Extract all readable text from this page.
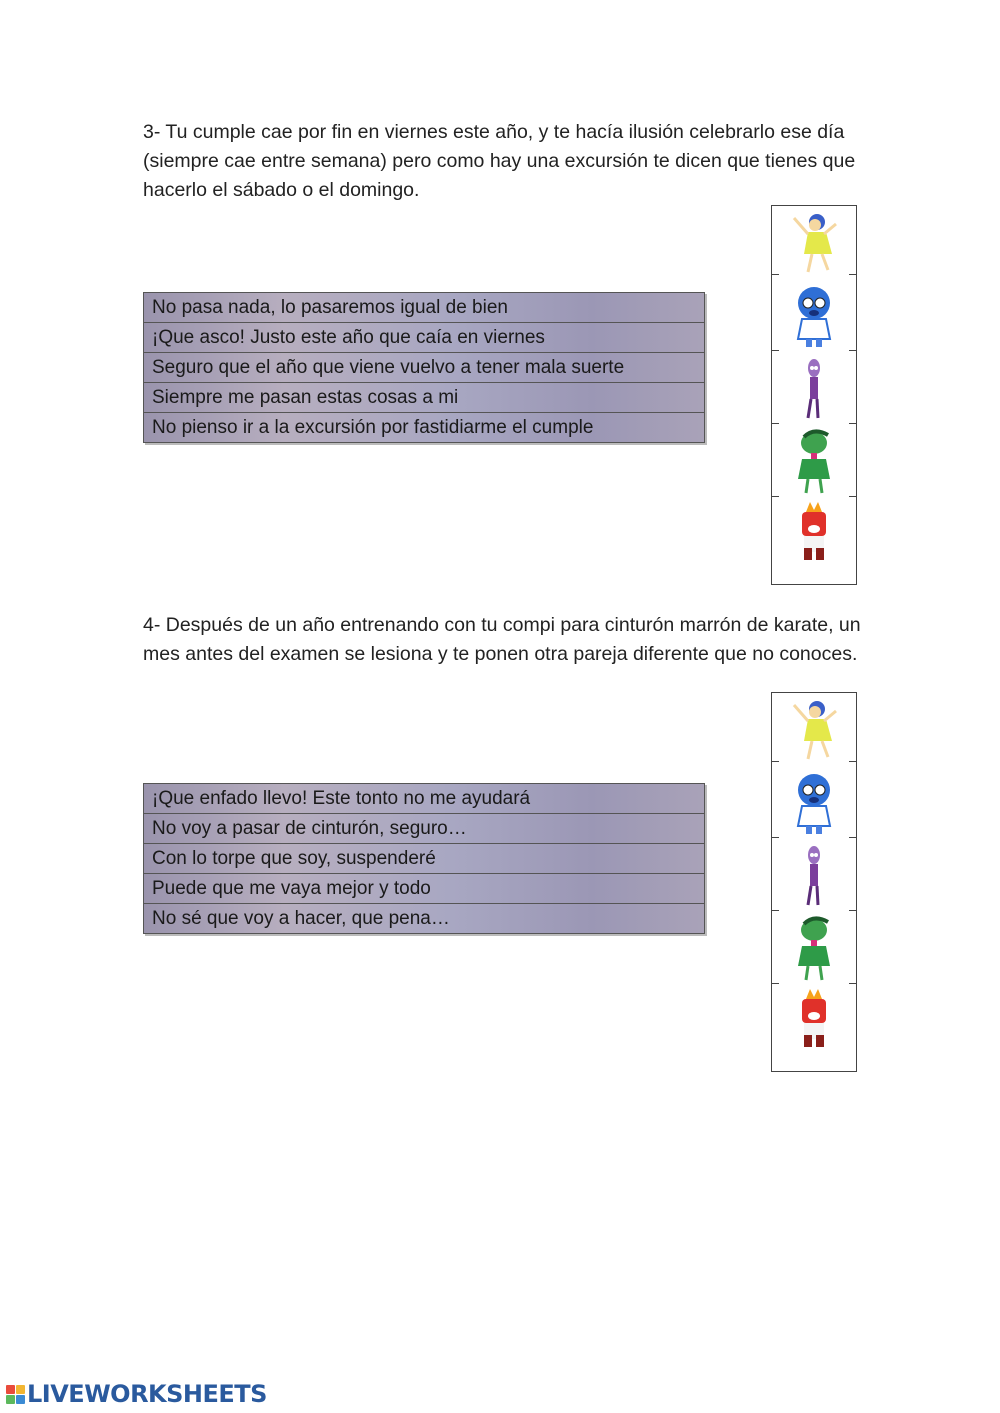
3- Tu cumple cae por fin en viernes este año, y te hacía ilusión celebrarlo ese día (siempre cae entre semana) pero como hay una excursión te dicen que tienes que hacerlo el sábado o el domingo.

No pasa nada, lo pasaremos igual de bien
¡Que asco! Justo este año que caía en viernes
Seguro que el año que viene vuelvo a tener mala suerte
Siempre me pasan estas cosas a mi
No pienso ir a la excursión por fastidiarme el cumple

4- Después de un año entrenando con tu compi para cinturón marrón de karate, un mes antes del examen se lesiona y te ponen otra pareja diferente que no conoces.

¡Que enfado llevo! Este tonto no me ayudará
No voy a pasar de cinturón, seguro…
Con lo torpe que soy, suspenderé
Puede que me vaya mejor y todo
No sé que voy a hacer, que pena…
LIVEWORKSHEETS
